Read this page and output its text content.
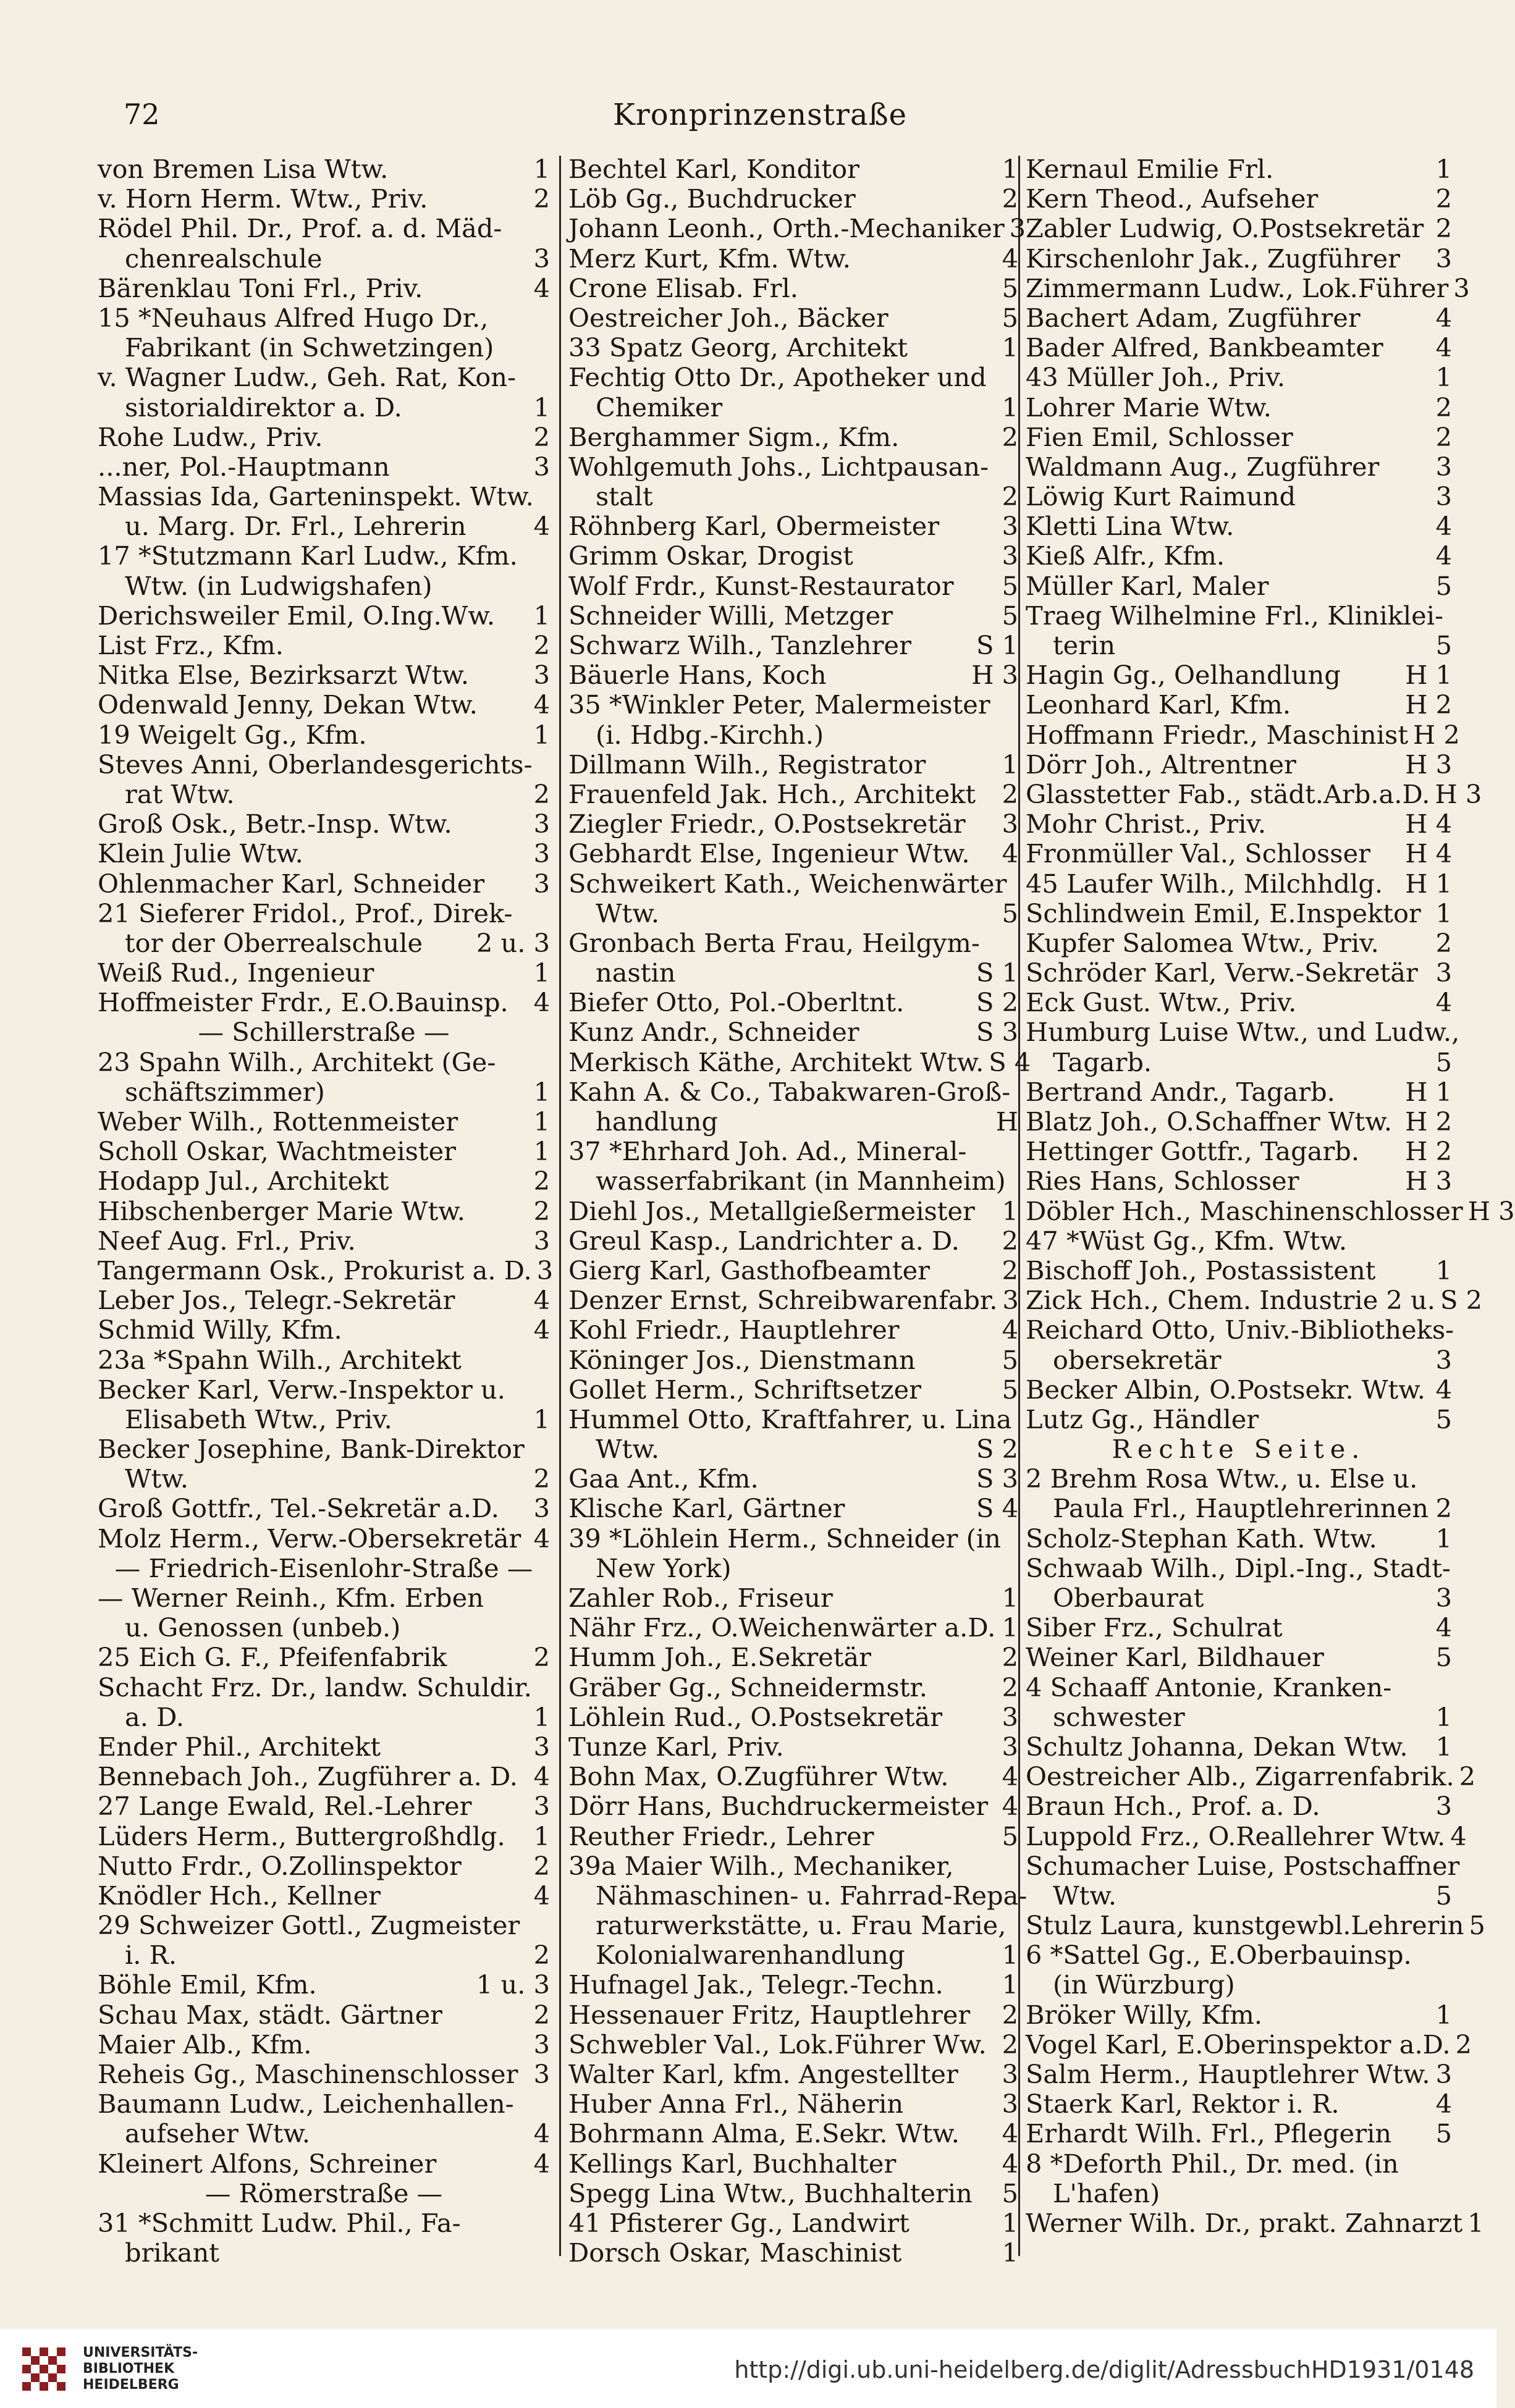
72	Kronprinzenstraße
von Bremen Lisa Wtw.	1
v. Horn Herm. Wtw., Priv.	2
Rödel Phil. Dr., Prof. a. d. Mäd-
chenrealschule	3
Bärenklau Toni Frl., Priv.	4
15 *Neuhaus Alfred Hugo Dr.,
Fabrikant (in Schwetzingen)
v. Wagner Ludw., Geh. Rat, Kon-
sistorialdirektor a. D.	1
Rohe Ludw., Priv.	2
...ner, Pol.-Hauptmann	3
Massias Ida, Garteninspekt. Wtw.
u. Marg. Dr. Frl., Lehrerin	4
17 *Stutzmann Karl Ludw., Kfm.
Wtw. (in Ludwigshafen)
Derichsweiler Emil, O.Ing.Ww. 1
List Frz., Kfm.	2
Nitka Else, Bezirksarzt Wtw.	3
Odenwald Jenny, Dekan Wtw. 4
19 Weigelt Gg., Kfm.	1
Steves Anni, Oberlandesgerichts-
rat Wtw.	2
Groß Osk., Betr.-Insp. Wtw.	3
Klein Julie Wtw.	3
Ohlenmacher Karl, Schneider 3
21 Sieferer Fridol., Prof., Direk-
tor der Oberrealschule 2 u. 3
Weiß Rud., Ingenieur	1
Hoffmeister Frdr., E.O.Bauinsp. 4
— Schillerstraße —
23 Spahn Wilh., Architekt (Ge-
schäftszimmer)	1
Weber Wilh., Rottenmeister	1
Scholl Oskar, Wachtmeister	1
Hodapp Jul., Architekt	2
Hibschenberger Marie Wtw.	2
Neef Aug. Frl., Priv.	3
Tangermann Osk., Prokurist a. D. 3
Leber Jos., Telegr.-Sekretär	4
Schmid Willy, Kfm.	4
23a *Spahn Wilh., Architekt
Becker Karl, Verw.-Inspektor u.
Elisabeth Wtw., Priv.	1
Becker Josephine, Bank-Direktor
Wtw.	2
Groß Gottfr., Tel.-Sekretär a.D. 3
Molz Herm., Verw.-Obersekretär 4
— Friedrich-Eisenlohr-Straße —
— Werner Reinh., Kfm. Erben
u. Genossen (unbeb.)
25 Eich G. F., Pfeifenfabrik	2
Schacht Frz. Dr., landw. Schuldir.
a. D.	1
Ender Phil., Architekt	3
Bennebach Joh., Zugführer a. D. 4
27 Lange Ewald, Rel.-Lehrer 3
Lüders Herm., Buttergroßhdlg. 1
Nutto Frdr., O.Zollinspektor	2
Knödler Hch., Kellner	4
29 Schweizer Gottl., Zugmeister
i. R.	2
Böhle Emil, Kfm.	1 u. 3
Schau Max, städt. Gärtner	2
Maier Alb., Kfm.	3
Reheis Gg., Maschinenschlosser 3
Baumann Ludw., Leichenhallen-
aufseher Wtw.	4
Kleinert Alfons, Schreiner	4
— Römerstraße —
31 *Schmitt Ludw. Phil., Fa-
brikant
Bechtel Karl, Konditor	1
Löb Gg., Buchdrucker	2
Johann Leonh., Orth.-Mechaniker 3
Merz Kurt, Kfm. Wtw.	4
Crone Elisab. Frl.	5
Oestreicher Joh., Bäcker	5
33 Spatz Georg, Architekt	1
Fechtig Otto Dr., Apotheker und
Chemiker	1
Berghammer Sigm., Kfm.	2
Wohlgemuth Johs., Lichtpausan-
stalt	2
Röhnberg Karl, Obermeister 3
Grimm Oskar, Drogist	3
Wolf Frdr., Kunst-Restaurator 5
Schneider Willi, Metzger	5
Schwarz Wilh., Tanzlehrer	S 1
Bäuerle Hans, Koch	H 3
35 *Winkler Peter, Malermeister
(i. Hdbg.-Kirchh.)
Dillmann Wilh., Registrator	1
Frauenfeld Jak. Hch., Architekt 2
Ziegler Friedr., O.Postsekretär 3
Gebhardt Else, Ingenieur Wtw. 4
Schweikert Kath., Weichenwärter
Wtw.	5
Gronbach Berta Frau, Heilgym-
nastin	S 1
Biefer Otto, Pol.-Oberltnt.	S 2
Kunz Andr., Schneider	S 3
Merkisch Käthe, Architekt Wtw. S 4
Kahn A. & Co., Tabakwaren-Groß-
handlung	H
37 *Ehrhard Joh. Ad., Mineral-
wasserfabrikant (in Mannheim)
Diehl Jos., Metallgießermeister 1
Greul Kasp., Landrichter a. D. 2
Gierg Karl, Gasthofbeamter	2
Denzer Ernst, Schreibwarenfabr. 3
Kohl Friedr., Hauptlehrer	4
Köninger Jos., Dienstmann	5
Gollet Herm., Schriftsetzer	5
Hummel Otto, Kraftfahrer, u. Lina
Wtw.	S 2
Gaa Ant., Kfm.	S 3
Klische Karl, Gärtner	S 4
39 *Löhlein Herm., Schneider (in
New York)
Zahler Rob., Friseur	1
Nähr Frz., O.Weichenwärter a.D. 1
Humm Joh., E.Sekretär	2
Gräber Gg., Schneidermstr.	2
Löhlein Rud., O.Postsekretär 3
Tunze Karl, Priv.	3
Bohn Max, O.Zugführer Wtw. 4
Dörr Hans, Buchdruckermeister 4
Reuther Friedr., Lehrer	5
39a Maier Wilh., Mechaniker,
Nähmaschinen- u. Fahrrad-Repa-
raturwerkstätte, u. Frau Marie,
Kolonialwarenhandlung	1
Hufnagel Jak., Telegr.-Techn. 1
Hessenauer Fritz, Hauptlehrer 2
Schwebler Val., Lok.Führer Ww. 2
Walter Karl, kfm. Angestellter 3
Huber Anna Frl., Näherin	3
Bohrmann Alma, E.Sekr. Wtw. 4
Kellings Karl, Buchhalter	4
Spegg Lina Wtw., Buchhalterin 5
41 Pfisterer Gg., Landwirt	1
Dorsch Oskar, Maschinist	1
Kernaul Emilie Frl.	1
Kern Theod., Aufseher	2
Zabler Ludwig, O.Postsekretär 2
Kirschenlohr Jak., Zugführer 3
Zimmermann Ludw., Lok.Führer 3
Bachert Adam, Zugführer	4
Bader Alfred, Bankbeamter 4
43 Müller Joh., Priv.	1
Lohrer Marie Wtw.	2
Fien Emil, Schlosser	2
Waldmann Aug., Zugführer 3
Löwig Kurt Raimund	3
Kletti Lina Wtw.	4
Kieß Alfr., Kfm.	4
Müller Karl, Maler	5
Traeg Wilhelmine Frl., Kliniklei-
terin	5
Hagin Gg., Oelhandlung	H 1
Leonhard Karl, Kfm.	H 2
Hoffmann Friedr., Maschinist H 2
Dörr Joh., Altrentner	H 3
Glasstetter Fab., städt.Arb.a.D. H 3
Mohr Christ., Priv.	H 4
Fronmüller Val., Schlosser H 4
45 Laufer Wilh., Milchhdlg. H 1
Schlindwein Emil, E.Inspektor 1
Kupfer Salomea Wtw., Priv. 2
Schröder Karl, Verw.-Sekretär 3
Eck Gust. Wtw., Priv.	4
Humburg Luise Wtw., und Ludw.,
Tagarb.	5
Bertrand Andr., Tagarb.	H 1
Blatz Joh., O.Schaffner Wtw. H 2
Hettinger Gottfr., Tagarb. H 2
Ries Hans, Schlosser	H 3
Döbler Hch., Maschinenschlosser H 3
47 *Wüst Gg., Kfm. Wtw.
Bischoff Joh., Postassistent 1
Zick Hch., Chem. Industrie 2 u. S 2
Reichard Otto, Univ.-Bibliotheks-
obersekretär	3
Becker Albin, O.Postsekr. Wtw. 4
Lutz Gg., Händler	5
Rechte Seite.
2 Brehm Rosa Wtw., u. Else u.
Paula Frl., Hauptlehrerinnen 2
Scholz-Stephan Kath. Wtw. 1
Schwaab Wilh., Dipl.-Ing., Stadt-
Oberbaurat	3
Siber Frz., Schulrat	4
Weiner Karl, Bildhauer	5
4 Schaaff Antonie, Kranken-
schwester	1
Schultz Johanna, Dekan Wtw. 1
Oestreicher Alb., Zigarrenfabrik. 2
Braun Hch., Prof. a. D.	3
Luppold Frz., O.Reallehrer Wtw. 4
Schumacher Luise, Postschaffner
Wtw.	5
Stulz Laura, kunstgewbl.Lehrerin 5
6 *Sattel Gg., E.Oberbauinsp.
(in Würzburg)
Bröker Willy, Kfm.	1
Vogel Karl, E.Oberinspektor a.D. 2
Salm Herm., Hauptlehrer Wtw. 3
Staerk Karl, Rektor i. R.	4
Erhardt Wilh. Frl., Pflegerin 5
8 *Deforth Phil., Dr. med. (in
L'hafen)
Werner Wilh. Dr., prakt. Zahnarzt 1
UNIVERSITÄTS-
BIBLIOTHEK
HEIDELBERG
http://digi.ub.uni-heidelberg.de/diglit/AdressbuchHD1931/0148
